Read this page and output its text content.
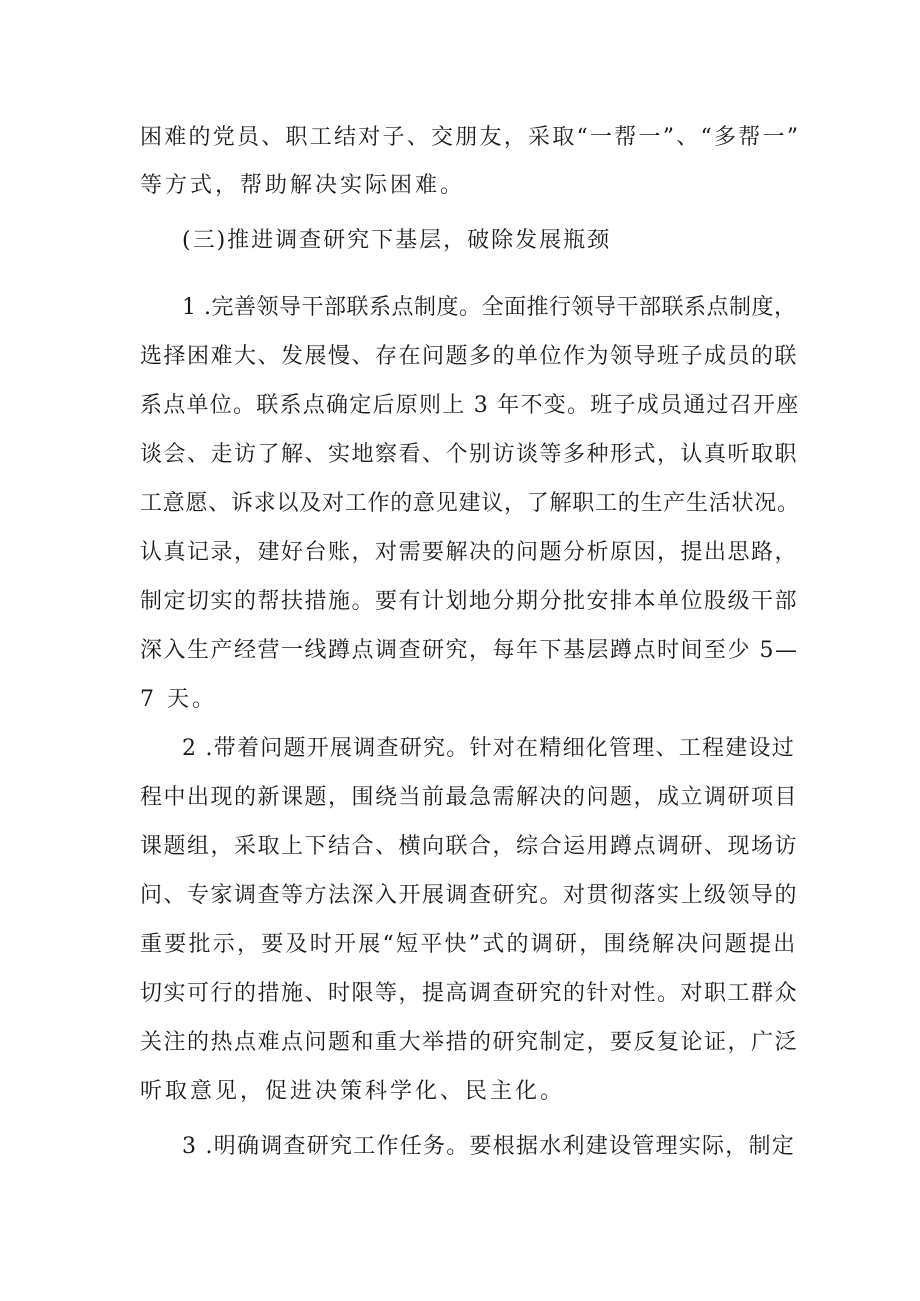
困难的党员、职工结对子、交朋友，采取“一帮一”、“多帮一”
等方式，帮助解决实际困难。
(三)推进调查研究下基层，破除发展瓶颈
1 .完善领导干部联系点制度。全面推行领导干部联系点制度，
选择困难大、发展慢、存在问题多的单位作为领导班子成员的联
系点单位。联系点确定后原则上 3 年不变。班子成员通过召开座
谈会、走访了解、实地察看、个别访谈等多种形式，认真听取职
工意愿、诉求以及对工作的意见建议，了解职工的生产生活状况。
认真记录，建好台账，对需要解决的问题分析原因，提出思路，
制定切实的帮扶措施。要有计划地分期分批安排本单位股级干部
深入生产经营一线蹲点调查研究，每年下基层蹲点时间至少 5—
7 天。
2 .带着问题开展调查研究。针对在精细化管理、工程建设过
程中出现的新课题，围绕当前最急需解决的问题，成立调研项目
课题组，采取上下结合、横向联合，综合运用蹲点调研、现场访
问、专家调查等方法深入开展调查研究。对贯彻落实上级领导的
重要批示，要及时开展“短平快”式的调研，围绕解决问题提出
切实可行的措施、时限等，提高调查研究的针对性。对职工群众
关注的热点难点问题和重大举措的研究制定，要反复论证，广泛
听取意见，促进决策科学化、民主化。
3 .明确调查研究工作任务。要根据水利建设管理实际，制定
